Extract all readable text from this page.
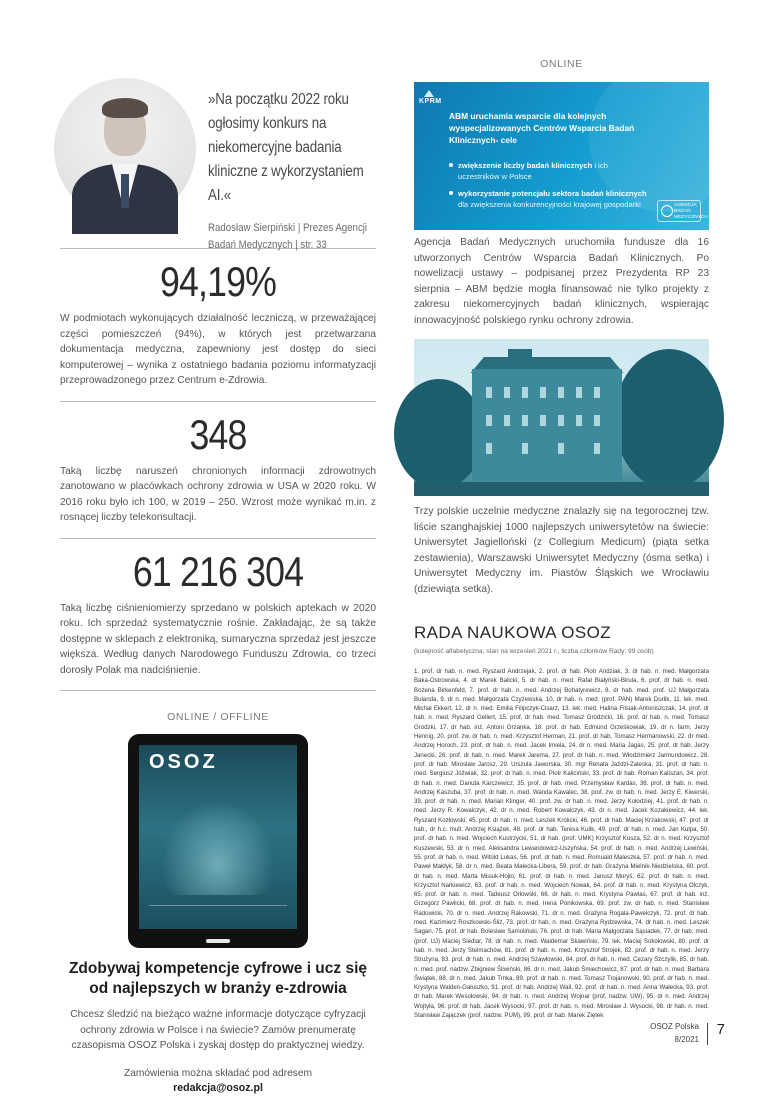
»Na początku 2022 roku ogłosimy konkurs na niekomercyjne badania kliniczne z wykorzystaniem AI.«
Radosław Sierpiński | Prezes Agencji Badań Medycznych | str. 33
94,19%
W podmiotach wykonujących działalność leczniczą, w przeważającej części pomieszczeń (94%), w których jest przetwarzana dokumentacja medyczna, zapewniony jest dostęp do sieci komputerowej – wynika z ostatniego badania poziomu informatyzacji przeprowadzonego przez Centrum e-Zdrowia.
348
Taką liczbę naruszeń chronionych informacji zdrowotnych zanotowano w placówkach ochrony zdrowia w USA w 2020 roku. W 2016 roku było ich 100, w 2019 – 250. Wzrost może wynikać m.in. z rosnącej liczby telekonsultacji.
61 216 304
Taką liczbę ciśnieniomierzy sprzedano w polskich aptekach w 2020 roku. Ich sprzedaż systematycznie rośnie. Zakładając, że są także dostępne w sklepach z elektroniką, sumaryczna sprzedaż jest jeszcze większa. Według danych Narodowego Funduszu Zdrowia, co trzeci dorosły Polak ma nadciśnienie.
ONLINE / OFFLINE
OSOZ
Zdobywaj kompetencje cyfrowe i ucz się od najlepszych w branży e-zdrowia
Chcesz śledzić na bieżąco ważne informacje dotyczące cyfryzacji ochrony zdrowia w Polsce i na świecie? Zamów prenumeratę czasopisma OSOZ Polska i zyskaj dostęp do praktycznej wiedzy.
Zamówienia można składać pod adresem
redakcja@osoz.pl
ONLINE
KPRM
ABM uruchamia wsparcie dla kolejnych wyspecjalizowanych Centrów Wsparcia Badań Klinicznych- cele
zwiększenie liczby badań klinicznych i ich uczestników w Polsce
wykorzystanie potencjału sektora badań klinicznych dla zwiększenia konkurencyjności krajowej gospodarki	AGENCJA BADAŃ MEDYCZNYCH
Agencja Badań Medycznych uruchomiła fundusze dla 16 utworzonych Centrów Wsparcia Badań Klinicznych. Po nowelizacji ustawy – podpisanej przez Prezydenta RP 23 sierpnia – ABM będzie mogła finansować nie tylko projekty z zakresu niekomercyjnych badań klinicznych, wspierając innowacyjność polskiego rynku ochrony zdrowia.
Trzy polskie uczelnie medyczne znalazły się na tegorocznej tzw. liście szanghajskiej 1000 najlepszych uniwersytetów na świecie: Uniwersytet Jagielloński (z Collegium Medicum) (piąta setka zestawienia), Warszawski Uniwersytet Medyczny (ósma setka) i Uniwersytet Medyczny im. Piastów Śląskich we Wrocławiu (dziewiąta setka).
RADA NAUKOWA OSOZ
(kolejność alfabetyczna, stan na wrzesień 2021 r., liczba członków Rady: 99 osób)
1. prof. dr hab. n. med. Ryszard Andrzejak, 2. prof. dr hab. Piotr Andziak, 3. dr hab. n. med. Małgorzata Baka-Ostrowska, 4. dr Marek Balicki, 5. dr hab. n. med. Rafał Białyński-Birula, 6. prof. dr hab. n. med. Bożena Birkenfeld, 7. prof. dr hab. n. med. Andrzej Bohatyrewicz, 8. dr hab. med. prof. UJ Małgorzata Bulanda, 9. dr n. med. Małgorzata Czyżewska, 10. dr hab. n. med. (prof. PAN) Marek Durlik, 11. lek. med. Michał Ekkert, 12. dr n. med. Emilia Filipczyk-Cisarż, 13. lek. med. Halina Filsiak-Antoniszczak, 14. prof. dr hab. n. med. Ryszard Gellert, 15. prof. dr hab. med. Tomasz Grodzicki, 16. prof. dr hab. n. med. Tomasz Grodzki, 17. dr hab. inż. Antoni Grzanka, 18. prof. dr hab. Edmund Grześkowiak, 19. dr n. farm. Jerzy Hennig, 20. prof. zw. dr hab. n. med. Krzysztof Herman, 21. prof. dr hab. Tomasz Hermanowski, 22. dr med. Andrzej Horoch, 23. prof. dr hab. n. med. Jacek Imiela, 24. dr n. med. Maria Jagas, 25. prof. dr hab. Jerzy Janecki, 26. prof. dr hab. n. med. Marek Jarema, 27. prof. dr hab. n. med. Włodzimierz Jarmundowicz, 28. prof. dr hab. Mirosław Jarosz, 29. Urszula Jaworska, 30. mgr Renata Jaździ-Zaleska, 31. prof. dr hab. n. med. Sergiusz Jóźwiak, 32. prof. dr hab. n. med. Piotr Kaliciński, 33. prof. dr hab. Roman Kaliszan, 34. prof. dr hab. n. med. Danuta Karczewicz, 35. prof. dr hab. med. Przemysław Kardas, 36. prof. dr hab. n. med. Andrzej Kaszuba, 37. prof. dr hab. n. med. Wanda Kawalec, 38. prof. zw. dr hab. n. med. Jerzy E. Kiwerski, 39. prof. dr hab. n. med. Marian Klinger, 40. prof. zw. dr hab. n. med. Jerzy Kołodziej, 41. prof. dr hab. n. med. Jerzy R. Kowalczyk, 42. dr n. med. Robert Kowalczyk, 43. dr n. med. Jacek Kozakiewicz, 44. lek. Ryszard Kozłowski, 45. prof. dr hab. n. med. Leszek Królicki, 46. prof. dr hab. Maciej Krzakowski, 47. prof. dr hab., dr h.c. mult. Andrzej Książek, 48. prof. dr hab. Teresa Kulik, 49. prof. dr hab. n. med. Jan Kulpa, 50. prof. dr hab. n. med. Wojciech Kustrzycki, 51. dr hab. (prof. UMK) Krzysztof Kusza, 52. dr n. med. Krzysztof Kuszewski, 53. dr n. med. Aleksandra Lewandowicz-Uszyńska, 54. prof. dr hab. n. med. Andrzej Lewiński, 55. prof. dr hab. n. med. Witold Lukas, 56. prof. dr hab. n. med. Romuald Maleszka, 57. prof. dr hab. n. med. Paweł Małdyk, 58. dr n. med. Beata Małecka-Libera, 59. prof. dr hab. Grażyna Mielnik-Niedzielska, 60. prof. dr hab. n. med. Marta Misiuk-Hojło, 61. prof. dr hab. n. med. Janusz Moryś, 62. prof. dr hab. n. med. Krzysztof Narkiewicz, 63. prof. dr hab. n. med. Wojciech Nowak, 64. prof. dr hab. n. med. Krystyna Olczyk, 65. prof. dr hab. n. med. Tadeusz Orłowski, 66. dr hab. n. med. Krystyna Pawlas, 67. prof. dr hab. inż. Grzegorz Pawlicki, 68. prof. dr hab. n. med. Irena Ponikowska, 69. prof. zw. dr hab. n. med. Stanisław Radowicki, 70. dr n. med. Andrzej Rakowski, 71. dr n. med. Grażyna Rogala-Pawelczyk, 72. prof. dr hab. med. Kazimierz Roszkowski-Śliż, 73. prof. dr hab. n. med. Grażyna Rydzewska, 74. dr hab. n. med. Leszek Sagan, 75. prof. dr hab. Bolesław Samoliński, 76. prof. dr hab. Maria Małgorzata Sąsiadek, 77. dr hab. med. (prof. UJ) Maciej Siedlar, 78. dr hab. n. med. Waldemar Skawiński, 79. lek. Maciej Sokołowski, 80. prof. dr hab. n. med. Jerzy Stelmachów, 81. prof. dr hab. n. med. Krzysztof Strojek, 82. prof. dr hab. n. med. Jerzy Strużyna, 83. prof. dr hab. n. med. Andrzej Szawłowski, 84. prof. dr hab. n. med. Cezary Szczylik, 85. dr hab. n. med. prof. nadzw. Zbigniew Śliwiński, 86. dr n. med. Jakub Śmiechowicz, 87. prof. dr hab. n. med. Barbara Świątek, 88. dr n. med. Jakub Trnka, 89. prof. dr hab. n. med. Tomasz Trojanowski, 90. prof. dr hab. n. med. Krystyna Walden-Gałuszko, 91. prof. dr hab. Andrzej Wall, 92. prof. dr hab. n. med. Anna Wałecka, 93. prof. dr hab. Marek Wesołowski, 94. dr hab. n. med. Andrzej Wojnar (prof. nadzw. UW), 95. dr n. med. Andrzej Wojtyła, 96. prof. dr hab. Jacek Wysocki, 97. prof. dr hab. n. med. Mirosław J. Wysocki, 98. dr hab. n. med. Stanisław Zajączek (prof. nadzw. PUM), 99. prof. dr hab. Marek Ziętek
OSOZ Polska
8/2021
7
